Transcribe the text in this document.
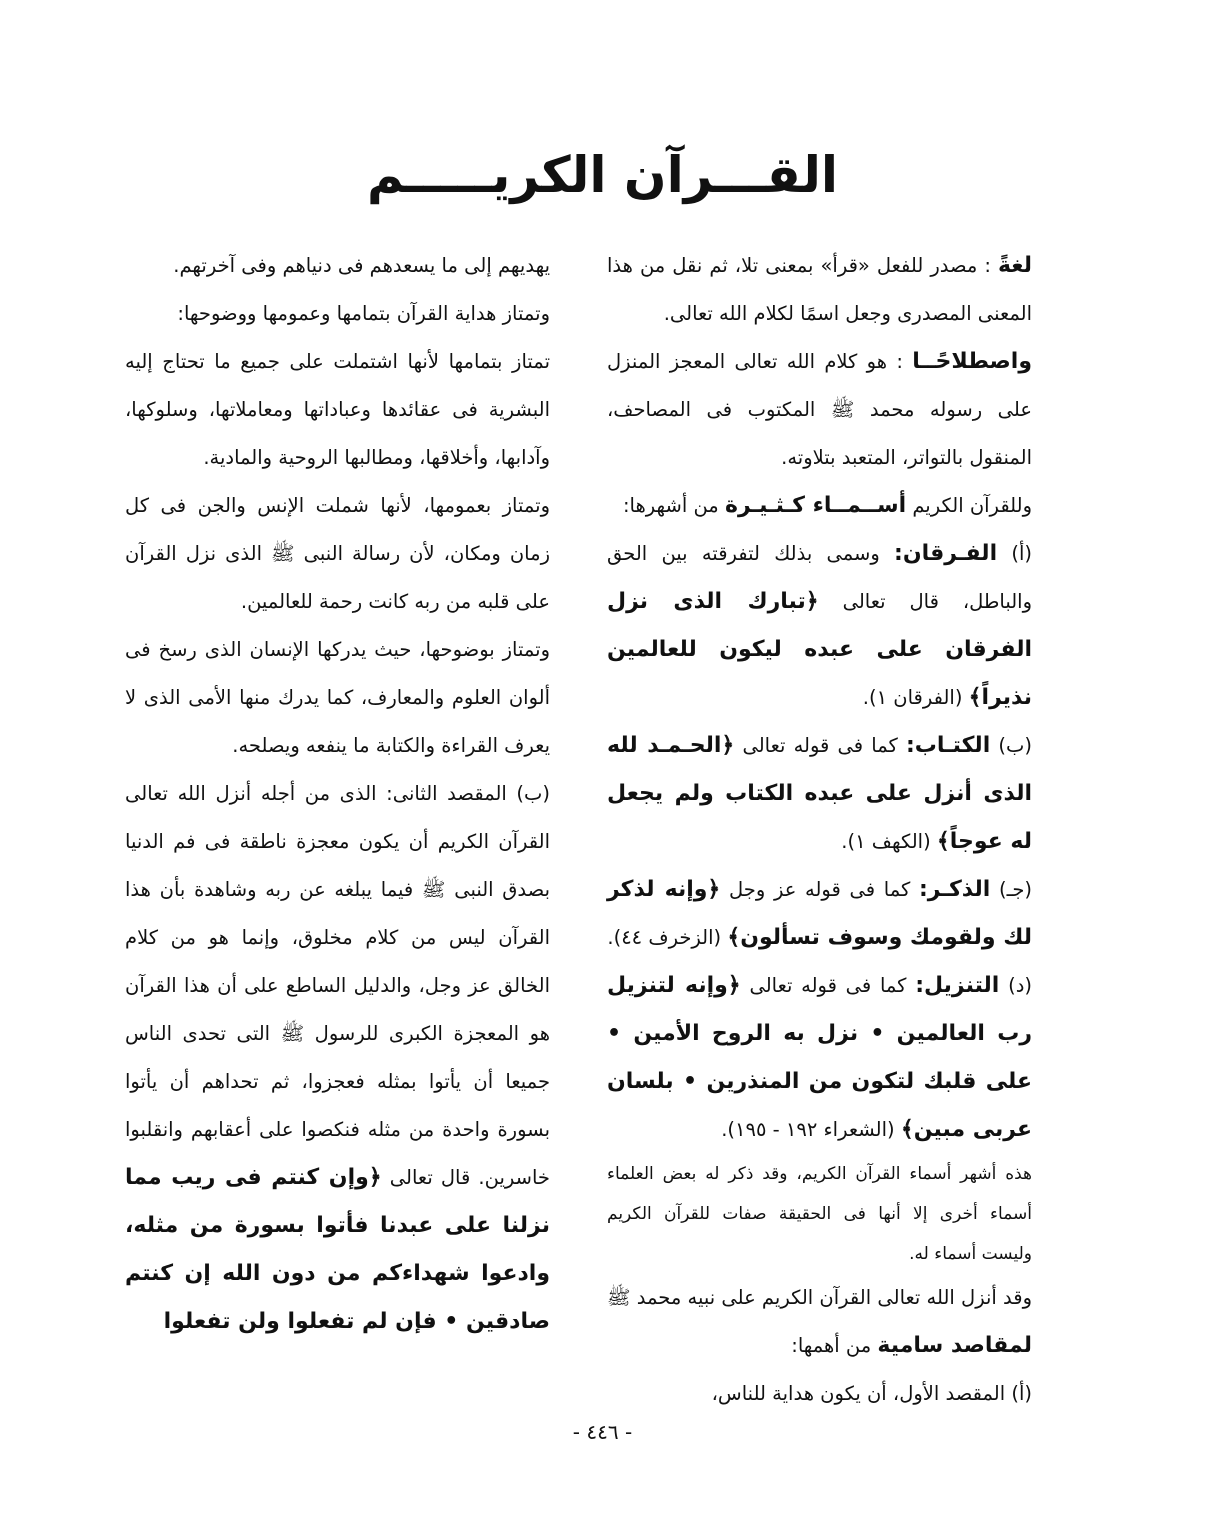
القـــرآن الكريـــــم

لغةً : مصدر للفعل «قرأ» بمعنى تلا، ثم نقل من هذا المعنى المصدرى وجعل اسمًا لكلام الله تعالى.

واصطلاحًــا : هو كلام الله تعالى المعجز المنزل على رسوله محمد ﷺ المكتوب فى المصاحف، المنقول بالتواتر، المتعبد بتلاوته.

وللقرآن الكريم أســمــاء كـثـيـرة من أشهرها:

(أ) الفـرقان: وسمى بذلك لتفرقته بين الحق والباطل، قال تعالى ﴿تبارك الذى نزل الفرقان على عبده ليكون للعالمين نذيراً﴾ (الفرقان ١).

(ب) الكتـاب: كما فى قوله تعالى ﴿الحـمـد لله الذى أنزل على عبده الكتاب ولم يجعل له عوجاً﴾ (الكهف ١).

(جـ) الذكـر: كما فى قوله عز وجل ﴿وإنه لذكر لك ولقومك وسوف تسألون﴾ (الزخرف ٤٤).

(د) التنزيل: كما فى قوله تعالى ﴿وإنه لتنزيل رب العالمين • نزل به الروح الأمين • على قلبك لتكون من المنذرين • بلسان عربى مبين﴾ (الشعراء ١٩٢ - ١٩٥).

هذه أشهر أسماء القرآن الكريم، وقد ذكر له بعض العلماء أسماء أخرى إلا أنها فى الحقيقة صفات للقرآن الكريم وليست أسماء له.

وقد أنزل الله تعالى القرآن الكريم على نبيه محمد ﷺ لمقاصد سامية من أهمها:

(أ) المقصد الأول، أن يكون هداية للناس،

يهديهم إلى ما يسعدهم فى دنياهم وفى آخرتهم.

وتمتاز هداية القرآن بتمامها وعمومها ووضوحها:

تمتاز بتمامها لأنها اشتملت على جميع ما تحتاج إليه البشرية فى عقائدها وعباداتها ومعاملاتها، وسلوكها، وآدابها، وأخلاقها، ومطالبها الروحية والمادية.

وتمتاز بعمومها، لأنها شملت الإنس والجن فى كل زمان ومكان، لأن رسالة النبى ﷺ الذى نزل القرآن على قلبه من ربه كانت رحمة للعالمين.

وتمتاز بوضوحها، حيث يدركها الإنسان الذى رسخ فى ألوان العلوم والمعارف، كما يدرك منها الأمى الذى لا يعرف القراءة والكتابة ما ينفعه ويصلحه.

(ب) المقصد الثانى: الذى من أجله أنزل الله تعالى القرآن الكريم أن يكون معجزة ناطقة فى فم الدنيا بصدق النبى ﷺ فيما يبلغه عن ربه وشاهدة بأن هذا القرآن ليس من كلام مخلوق، وإنما هو من كلام الخالق عز وجل، والدليل الساطع على أن هذا القرآن هو المعجزة الكبرى للرسول ﷺ التى تحدى الناس جميعا أن يأتوا بمثله فعجزوا، ثم تحداهم أن يأتوا بسورة واحدة من مثله فنكصوا على أعقابهم وانقلبوا خاسرين. قال تعالى ﴿وإن كنتم فى ريب مما نزلنا على عبدنا فأتوا بسورة من مثله، وادعوا شهداءكم من دون الله إن كنتم صادقين • فإن لم تفعلوا ولن تفعلوا

- ٤٤٦ -
